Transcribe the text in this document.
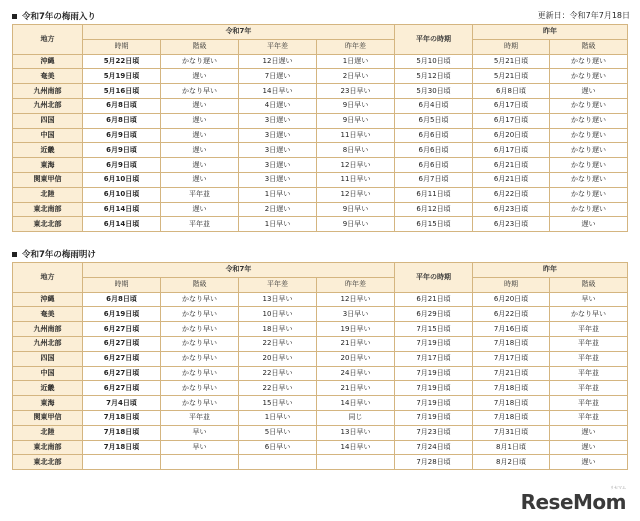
令和7年の梅雨入り	更新日：令和7年7月18日
地方	令和7年				平年の時期	昨年	
	時期	階級	平年差	昨年差		時期	階級
沖縄	5月22日頃	かなり遅い	12日遅い	1日遅い	5月10日頃	5月21日頃	かなり遅い
奄美	5月19日頃	遅い	7日遅い	2日早い	5月12日頃	5月21日頃	かなり遅い
九州南部	5月16日頃	かなり早い	14日早い	23日早い	5月30日頃	6月8日頃	遅い
九州北部	6月8日頃	遅い	4日遅い	9日早い	6月4日頃	6月17日頃	かなり遅い
四国	6月8日頃	遅い	3日遅い	9日早い	6月5日頃	6月17日頃	かなり遅い
中国	6月9日頃	遅い	3日遅い	11日早い	6月6日頃	6月20日頃	かなり遅い
近畿	6月9日頃	遅い	3日遅い	8日早い	6月6日頃	6月17日頃	かなり遅い
東海	6月9日頃	遅い	3日遅い	12日早い	6月6日頃	6月21日頃	かなり遅い
関東甲信	6月10日頃	遅い	3日遅い	11日早い	6月7日頃	6月21日頃	かなり遅い
北陸	6月10日頃	平年並	1日早い	12日早い	6月11日頃	6月22日頃	かなり遅い
東北南部	6月14日頃	遅い	2日遅い	9日早い	6月12日頃	6月23日頃	かなり遅い
東北北部	6月14日頃	平年並	1日早い	9日早い	6月15日頃	6月23日頃	遅い
令和7年の梅雨明け
地方	令和7年				平年の時期	昨年	
	時期	階級	平年差	昨年差		時期	階級
沖縄	6月8日頃	かなり早い	13日早い	12日早い	6月21日頃	6月20日頃	早い
奄美	6月19日頃	かなり早い	10日早い	3日早い	6月29日頃	6月22日頃	かなり早い
九州南部	6月27日頃	かなり早い	18日早い	19日早い	7月15日頃	7月16日頃	平年並
九州北部	6月27日頃	かなり早い	22日早い	21日早い	7月19日頃	7月18日頃	平年並
四国	6月27日頃	かなり早い	20日早い	20日早い	7月17日頃	7月17日頃	平年並
中国	6月27日頃	かなり早い	22日早い	24日早い	7月19日頃	7月21日頃	平年並
近畿	6月27日頃	かなり早い	22日早い	21日早い	7月19日頃	7月18日頃	平年並
東海	7月4日頃	かなり早い	15日早い	14日早い	7月19日頃	7月18日頃	平年並
関東甲信	7月18日頃	平年並	1日早い	同じ	7月19日頃	7月18日頃	平年並
北陸	7月18日頃	早い	5日早い	13日早い	7月23日頃	7月31日頃	遅い
東北南部	7月18日頃	早い	6日早い	14日早い	7月24日頃	8月1日頃	遅い
東北北部					7月28日頃	8月2日頃	遅い
リセマム
ReseMom
